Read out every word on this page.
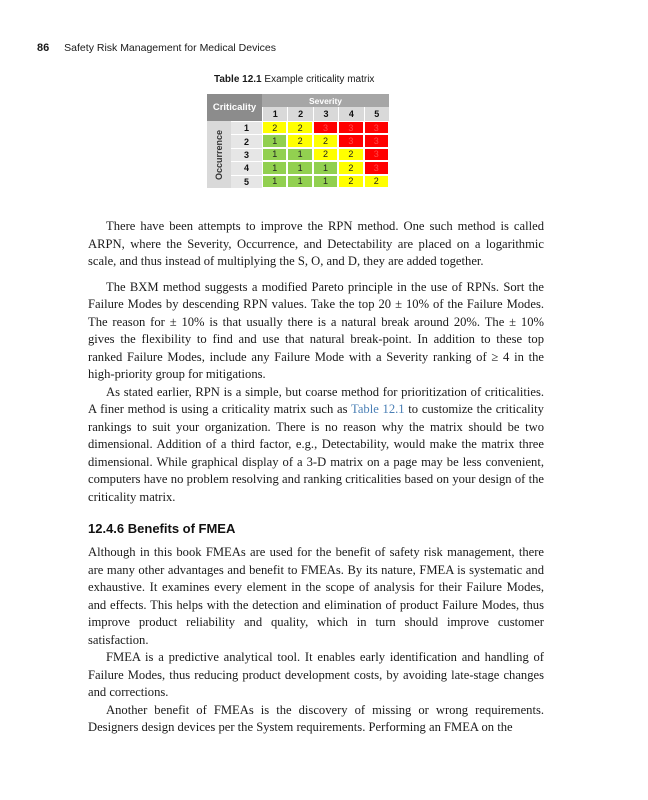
86 Safety Risk Management for Medical Devices
Table 12.1 Example criticality matrix
Criticality
Severity
Occurrence
1	2	3	4	5
1	2	2	3	3	3
2	1	2	2	3	3
3	1	1	2	2	3
4	1	1	1	2	3
5	1	1	1	2	2

There have been attempts to improve the RPN method. One such method is called ARPN, where the Severity, Occurrence, and Detectability are placed on a logarithmic scale, and thus instead of multiplying the S, O, and D, they are added together.

The BXM method suggests a modified Pareto principle in the use of RPNs. Sort the Failure Modes by descending RPN values. Take the top 20 ± 10% of the Failure Modes. The reason for ± 10% is that usually there is a natural break around 20%. The ± 10% gives the flexibility to find and use that natural break-point. In addition to these top ranked Failure Modes, include any Failure Mode with a Severity ranking of ≥ 4 in the high-priority group for mitigations.

As stated earlier, RPN is a simple, but coarse method for prioritization of criticalities. A finer method is using a criticality matrix such as Table 12.1 to customize the criticality rankings to suit your organization. There is no reason why the matrix should be two dimensional. Addition of a third factor, e.g., Detectability, would make the matrix three dimensional. While graphical display of a 3-D matrix on a page may be less convenient, computers have no problem resolving and ranking criticalities based on your design of the criticality matrix.

12.4.6 Benefits of FMEA

Although in this book FMEAs are used for the benefit of safety risk management, there are many other advantages and benefit to FMEAs. By its nature, FMEA is systematic and exhaustive. It examines every element in the scope of analysis for their Failure Modes, and effects. This helps with the detection and elimination of product Failure Modes, thus improve product reliability and quality, which in turn should improve customer satisfaction.

FMEA is a predictive analytical tool. It enables early identification and handling of Failure Modes, thus reducing product development costs, by avoiding late-stage changes and corrections.

Another benefit of FMEAs is the discovery of missing or wrong requirements. Designers design devices per the System requirements. Performing an FMEA on the
